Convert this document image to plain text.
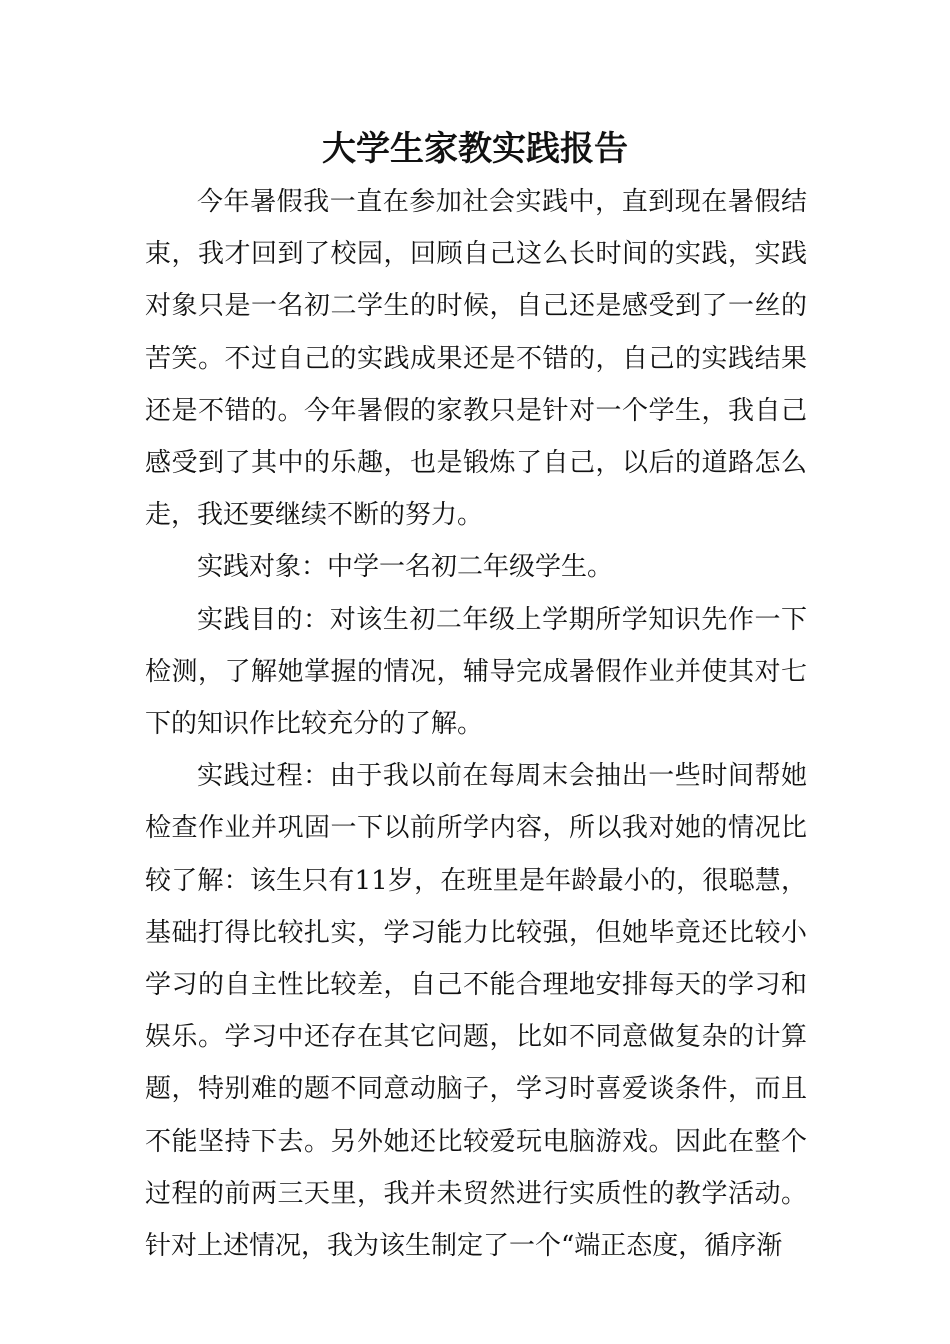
大学生家教实践报告

今年暑假我一直在参加社会实践中，直到现在暑假结束，我才回到了校园，回顾自己这么长时间的实践，实践对象只是一名初二学生的时候，自己还是感受到了一丝的苦笑。不过自己的实践成果还是不错的，自己的实践结果还是不错的。今年暑假的家教只是针对一个学生，我自己感受到了其中的乐趣，也是锻炼了自己，以后的道路怎么走，我还要继续不断的努力。

实践对象：中学一名初二年级学生。

实践目的：对该生初二年级上学期所学知识先作一下检测，了解她掌握的情况，辅导完成暑假作业并使其对七下的知识作比较充分的了解。

实践过程：由于我以前在每周末会抽出一些时间帮她检查作业并巩固一下以前所学内容，所以我对她的情况比较了解：该生只有11岁，在班里是年龄最小的，很聪慧，基础打得比较扎实，学习能力比较强，但她毕竟还比较小学习的自主性比较差，自己不能合理地安排每天的学习和娱乐。学习中还存在其它问题，比如不同意做复杂的计算题，特别难的题不同意动脑子，学习时喜爱谈条件，而且不能坚持下去。另外她还比较爱玩电脑游戏。因此在整个过程的前两三天里，我并未贸然进行实质性的教学活动。针对上述情况，我为该生制定了一个“端正态度，循序渐
